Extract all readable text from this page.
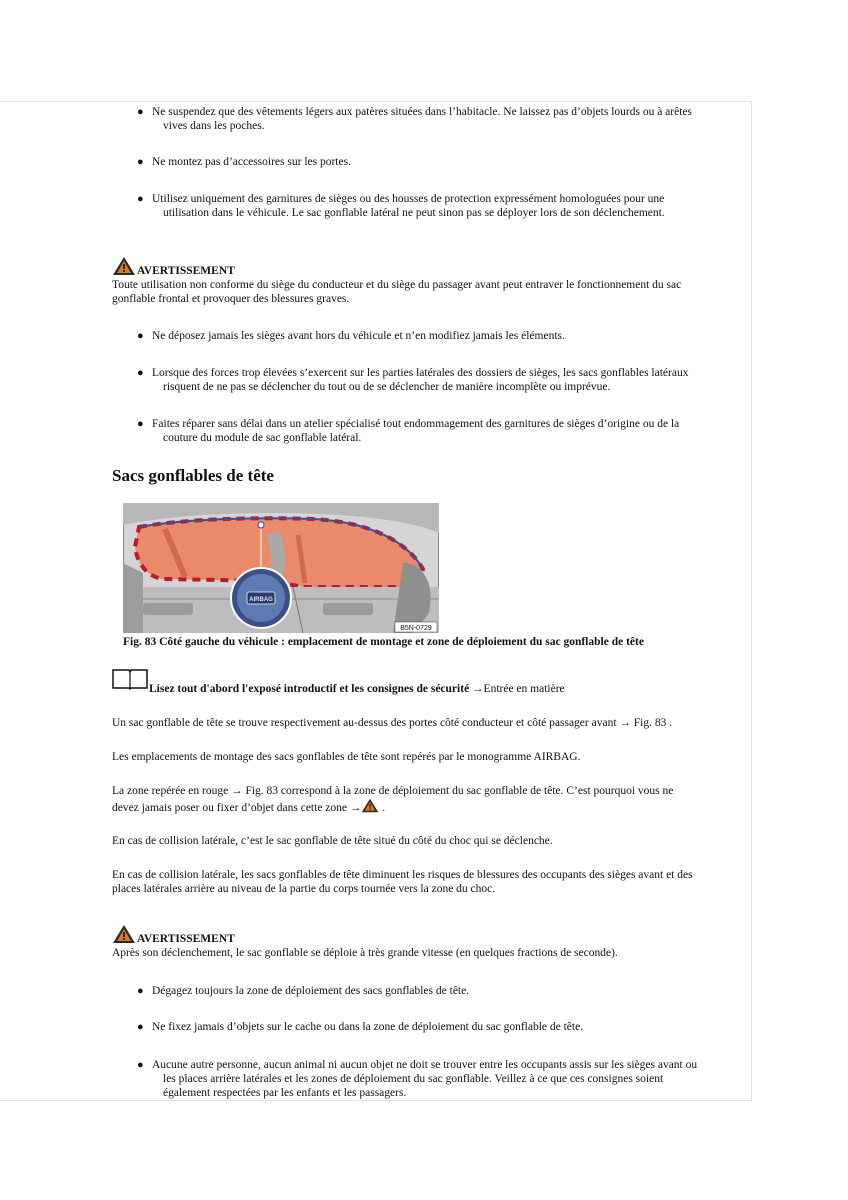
● Ne suspendez que des vêtements légers aux patères situées dans l’habitacle. Ne laissez pas d’objets lourds ou à arêtes
vives dans les poches.
● Ne montez pas d’accessoires sur les portes.
● Utilisez uniquement des garnitures de sièges ou des housses de protection expressément homologuées pour une
utilisation dans le véhicule. Le sac gonflable latéral ne peut sinon pas se déployer lors de son déclenchement.
.
AVERTISSEMENT
Toute utilisation non conforme du siège du conducteur et du siège du passager avant peut entraver le fonctionnement du sac
gonflable frontal et provoquer des blessures graves.
● Ne déposez jamais les sièges avant hors du véhicule et n’en modifiez jamais les éléments.
● Lorsque des forces trop élevées s’exercent sur les parties latérales des dossiers de sièges, les sacs gonflables latéraux
risquent de ne pas se déclencher du tout ou de se déclencher de manière incomplète ou imprévue.
● Faites réparer sans délai dans un atelier spécialisé tout endommagement des garnitures de sièges d’origine ou de la
couture du module de sac gonflable latéral.
Sacs gonflables de tête
AIRBAG
B5N-0729
Fig. 83 Côté gauche du véhicule : emplacement de montage et zone de déploiement du sac gonflable de tête
Lisez tout d'abord l'exposé introductif et les consignes de sécurité →Entrée en matière
Un sac gonflable de tête se trouve respectivement au-dessus des portes côté conducteur et côté passager avant → Fig. 83 .
Les emplacements de montage des sacs gonflables de tête sont repérés par le monogramme AIRBAG.
La zone repérée en rouge → Fig. 83 correspond à la zone de déploiement du sac gonflable de tête. C’est pourquoi vous ne
devez jamais poser ou fixer d’objet dans cette zone → .
En cas de collision latérale, c’est le sac gonflable de tête situé du côté du choc qui se déclenche.
En cas de collision latérale, les sacs gonflables de tête diminuent les risques de blessures des occupants des sièges avant et des
places latérales arrière au niveau de la partie du corps tournée vers la zone du choc.
.
AVERTISSEMENT
Après son déclenchement, le sac gonflable se déploie à très grande vitesse (en quelques fractions de seconde).
● Dégagez toujours la zone de déploiement des sacs gonflables de tête.
● Ne fixez jamais d’objets sur le cache ou dans la zone de déploiement du sac gonflable de tête.
● Aucune autre personne, aucun animal ni aucun objet ne doit se trouver entre les occupants assis sur les sièges avant ou
les places arrière latérales et les zones de déploiement du sac gonflable. Veillez à ce que ces consignes soient
également respectées par les enfants et les passagers.
